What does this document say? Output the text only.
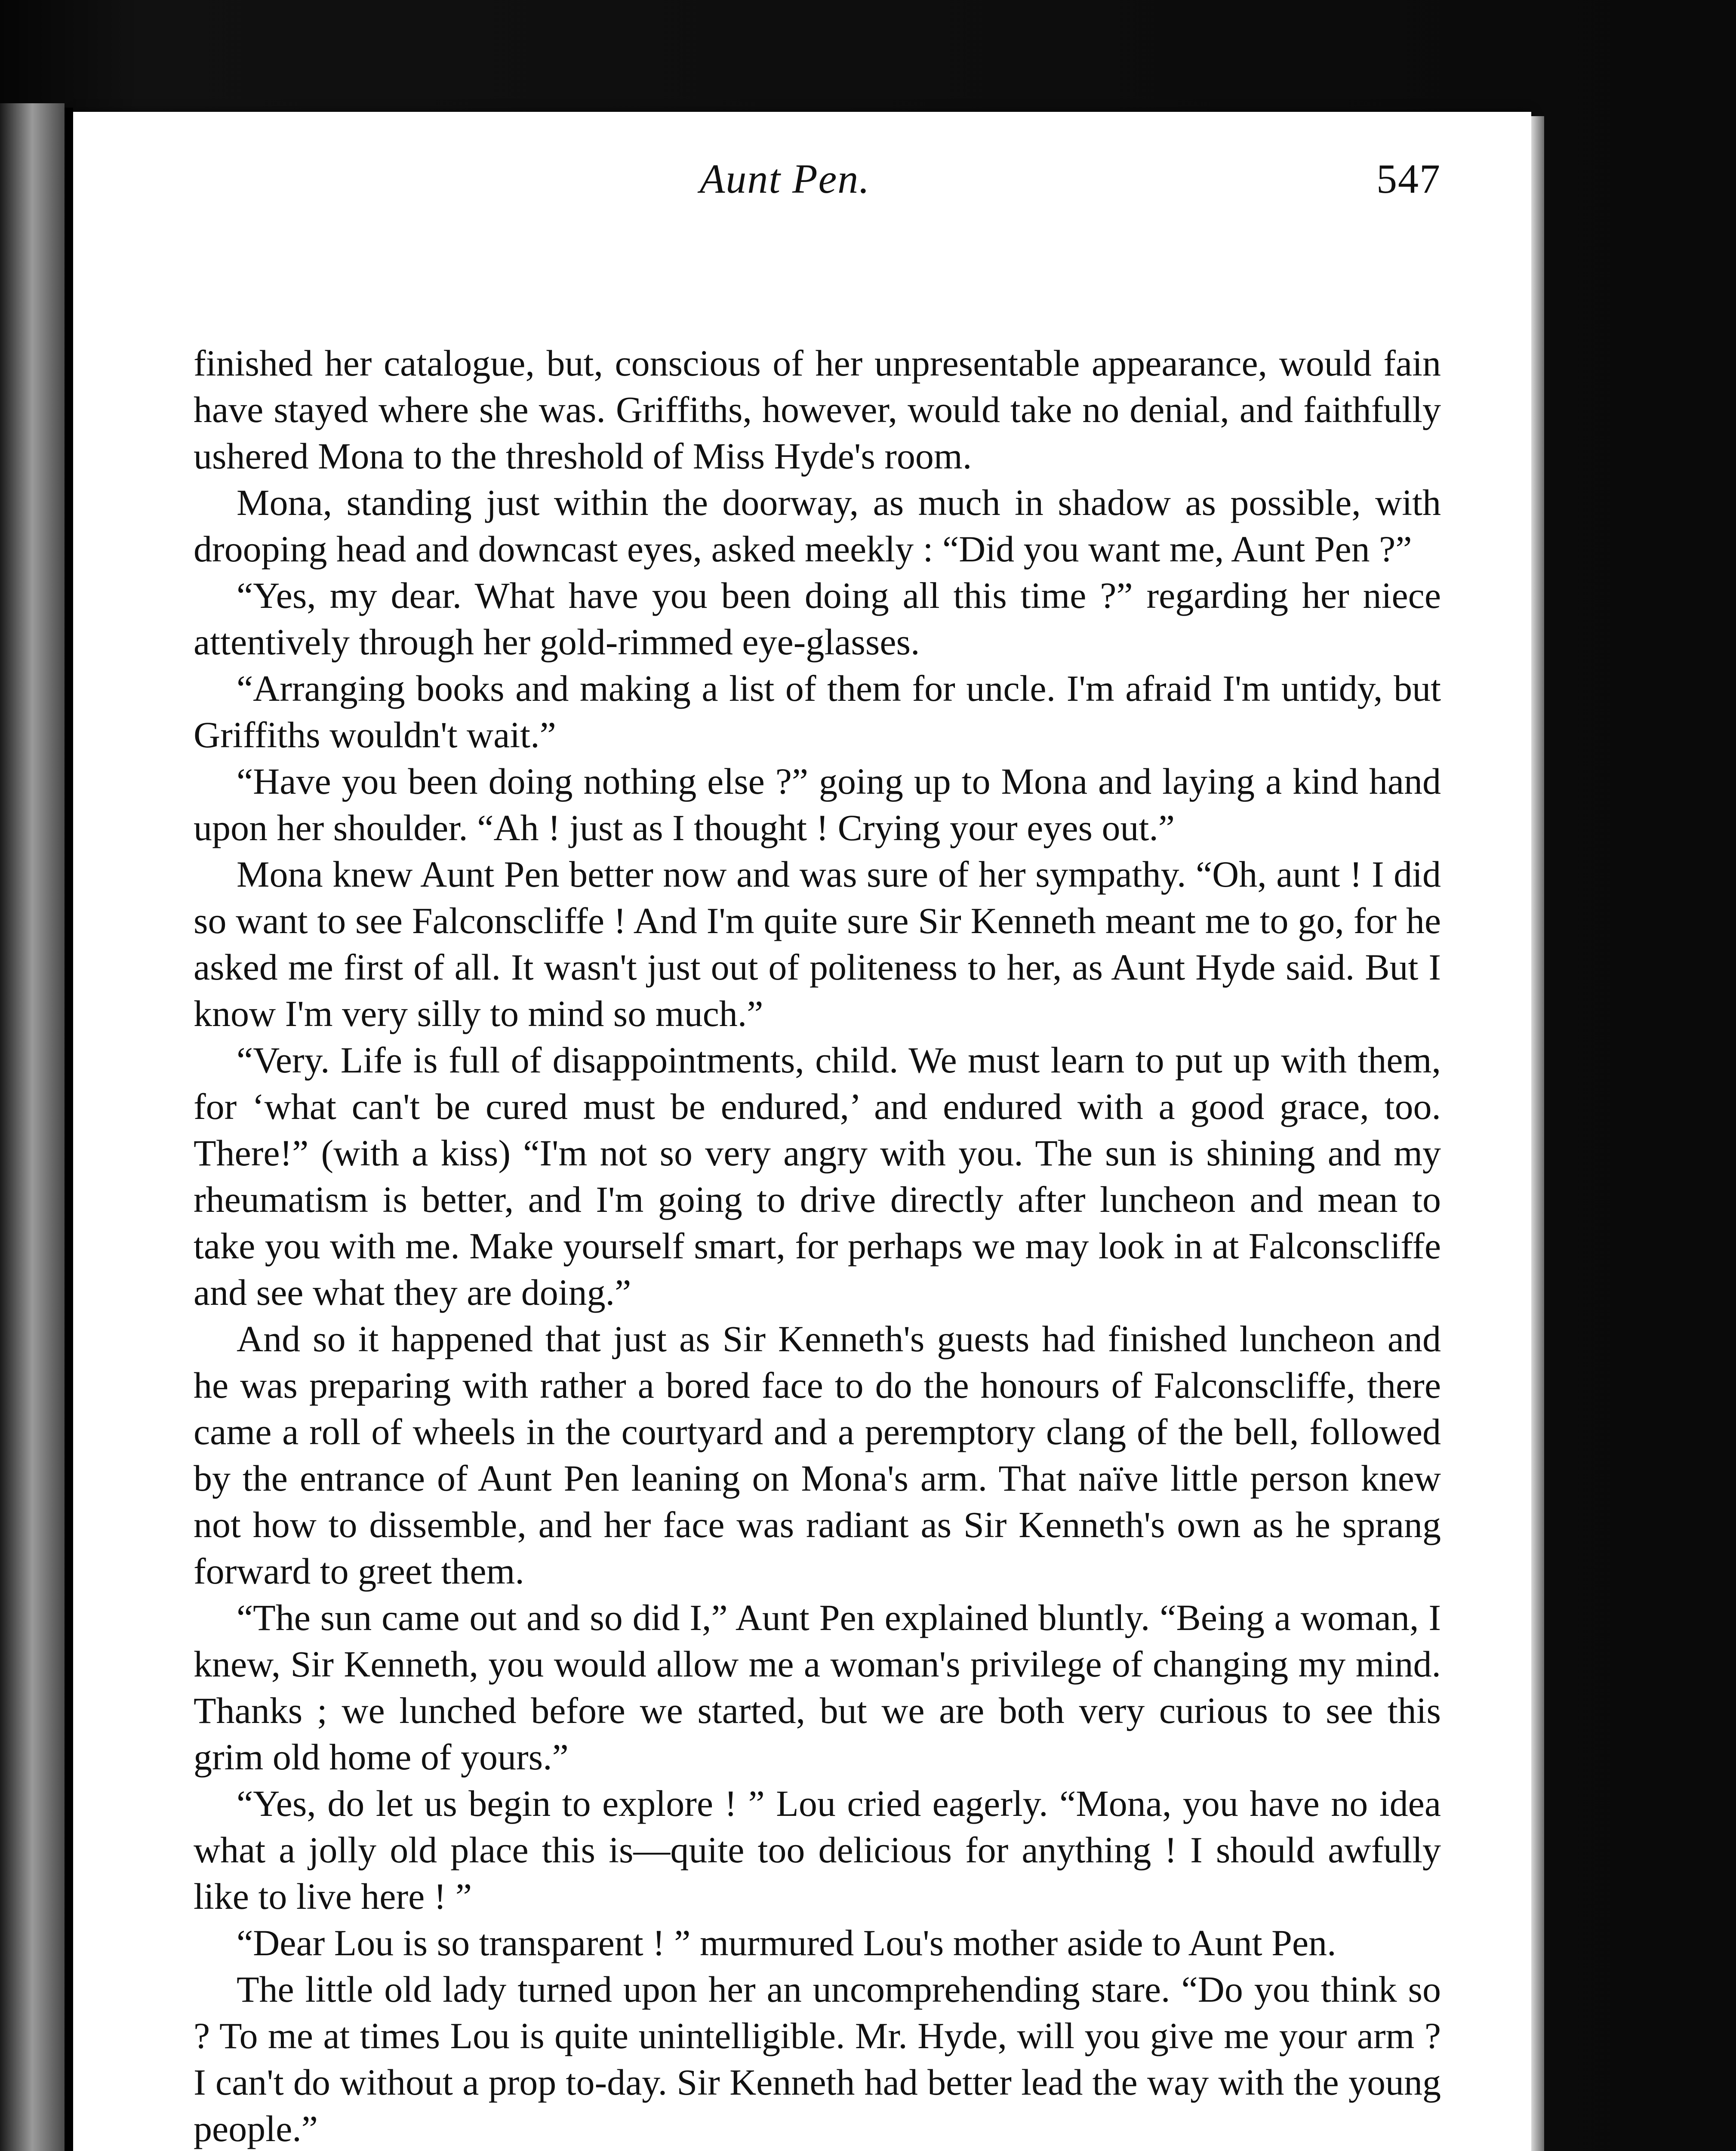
Aunt Pen.	547

finished her catalogue, but, conscious of her unpresentable appearance, would fain have stayed where she was. Griffiths, however, would take no denial, and faithfully ushered Mona to the threshold of Miss Hyde's room.

Mona, standing just within the doorway, as much in shadow as possible, with drooping head and downcast eyes, asked meekly : “Did you want me, Aunt Pen ?”

“Yes, my dear. What have you been doing all this time ?” regarding her niece attentively through her gold-rimmed eye-glasses.

“Arranging books and making a list of them for uncle. I'm afraid I'm untidy, but Griffiths wouldn't wait.”

“Have you been doing nothing else ?” going up to Mona and laying a kind hand upon her shoulder. “Ah ! just as I thought ! Crying your eyes out.”

Mona knew Aunt Pen better now and was sure of her sympathy. “Oh, aunt ! I did so want to see Falconscliffe ! And I'm quite sure Sir Kenneth meant me to go, for he asked me first of all. It wasn't just out of politeness to her, as Aunt Hyde said. But I know I'm very silly to mind so much.”

“Very. Life is full of disappointments, child. We must learn to put up with them, for ‘what can't be cured must be endured,’ and endured with a good grace, too. There!” (with a kiss) “I'm not so very angry with you. The sun is shining and my rheumatism is better, and I'm going to drive directly after luncheon and mean to take you with me. Make yourself smart, for perhaps we may look in at Falconscliffe and see what they are doing.”

And so it happened that just as Sir Kenneth's guests had finished luncheon and he was preparing with rather a bored face to do the honours of Falconscliffe, there came a roll of wheels in the courtyard and a peremptory clang of the bell, followed by the entrance of Aunt Pen leaning on Mona's arm. That naïve little person knew not how to dissemble, and her face was radiant as Sir Kenneth's own as he sprang forward to greet them.

“The sun came out and so did I,” Aunt Pen explained bluntly. “Being a woman, I knew, Sir Kenneth, you would allow me a woman's privilege of changing my mind. Thanks ; we lunched before we started, but we are both very curious to see this grim old home of yours.”

“Yes, do let us begin to explore ! ” Lou cried eagerly. “Mona, you have no idea what a jolly old place this is—quite too delicious for anything ! I should awfully like to live here ! ”

“Dear Lou is so transparent ! ” murmured Lou's mother aside to Aunt Pen.

The little old lady turned upon her an uncomprehending stare. “Do you think so ? To me at times Lou is quite unintelligible. Mr. Hyde, will you give me your arm ? I can't do without a prop to-day. Sir Kenneth had better lead the way with the young people.”
